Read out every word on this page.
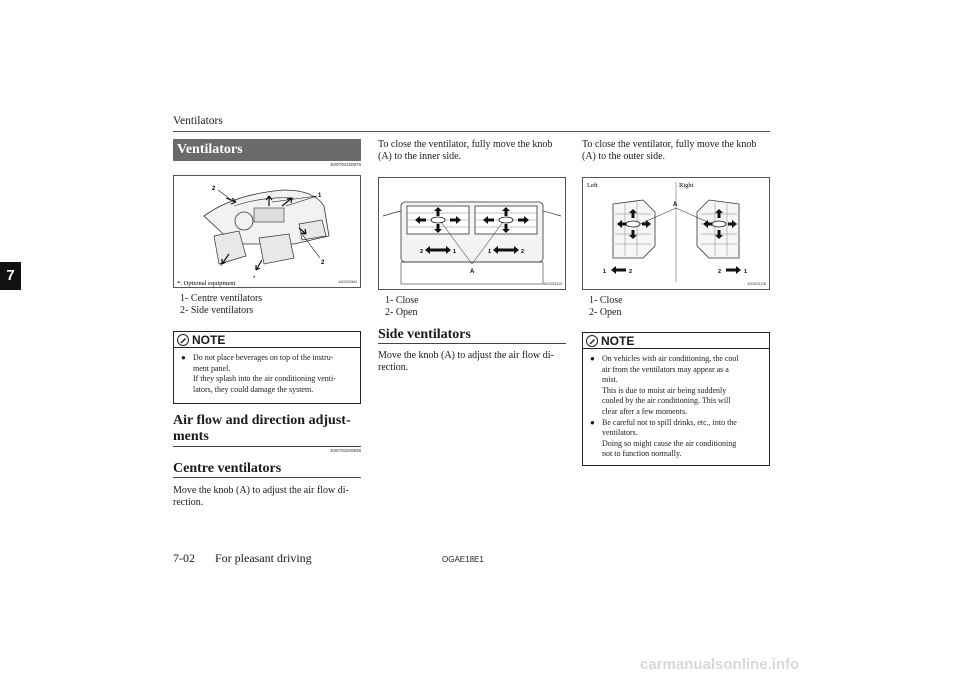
Ventilators
7
Ventilators
E00700100878
1
2
2
*
*
*: Optional equipment	AG0023364
1- Centre ventilators
2- Side ventilators
NOTE
● Do not place beverages on top of the instru-
ment panel.
If they splash into the air conditioning venti-
lators, they could damage the system.
Air flow and direction adjust-
ments
E00700200938
Centre ventilators
Move the knob (A) to adjust the air flow di-
rection.
To close the ventilator, fully move the knob
(A) to the inner side.
A
2	1	1	2
AG0023113
1- Close
2- Open
Side ventilators
Move the knob (A) to adjust the air flow di-
rection.
To close the ventilator, fully move the knob
(A) to the outer side.
Left	Right
A
1	2	2	1
AG0023128
1- Close
2- Open
NOTE
● On vehicles with air conditioning, the cool
air from the ventilators may appear as a
mist.
This is due to moist air being suddenly
cooled by the air conditioning. This will
clear after a few moments.
● Be careful not to spill drinks, etc., into the
ventilators.
Doing so might cause the air conditioning
not to function normally.
7-02 For pleasant driving	OGAE18E1
carmanualsonline.info
